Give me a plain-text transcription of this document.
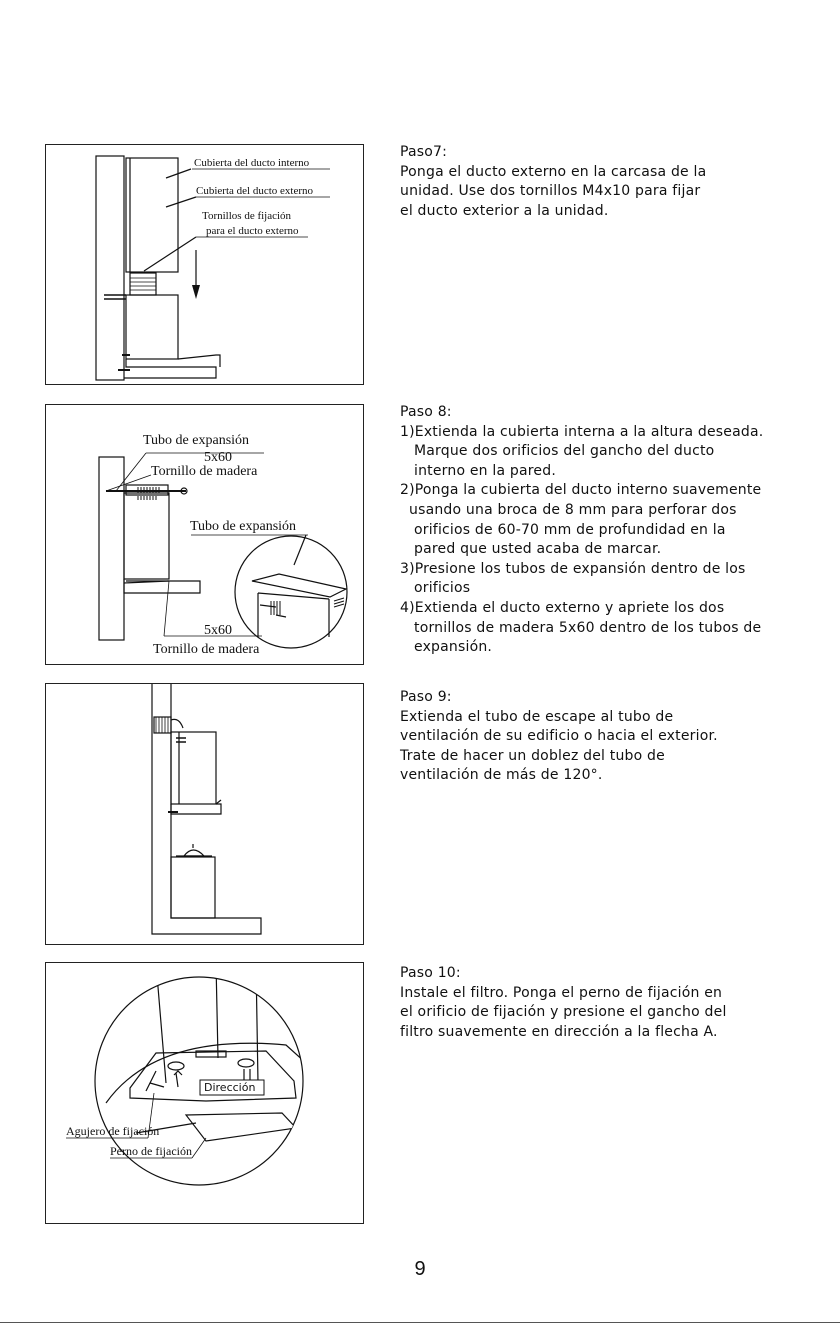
Cubierta del ducto interno
Cubierta del ducto externo
Tornillos de fijación
para el ducto externo

Paso7:

Ponga el ducto externo en la carcasa de la

unidad. Use dos tornillos M4x10 para fijar

el ducto exterior a la unidad.

Tubo de expansión
5x60
Tornillo de madera
Tubo de expansión
5x60
Tornillo de madera

Paso 8:

1)Extienda la cubierta interna a la altura deseada.

Marque dos orificios del gancho del ducto

interno en la pared.

2)Ponga la cubierta del ducto interno suavemente

usando una broca de 8 mm para perforar dos

orificios de 60-70 mm de profundidad en la

pared que usted acaba de marcar.

3)Presione los tubos de expansión dentro de los

orificios

4)Extienda el ducto externo y apriete los dos

tornillos de madera 5x60 dentro de los tubos de

expansión.

Paso 9:

Extienda el tubo de escape al tubo de

ventilación de su edificio o hacia el exterior.

Trate de hacer un doblez del tubo de

ventilación de más de 120°.

Dirección
Agujero de fijación
Perno de fijación

Paso 10:

Instale el filtro. Ponga el perno de fijación en

el orificio de fijación y presione el gancho del

filtro suavemente en dirección a la flecha A.

9
